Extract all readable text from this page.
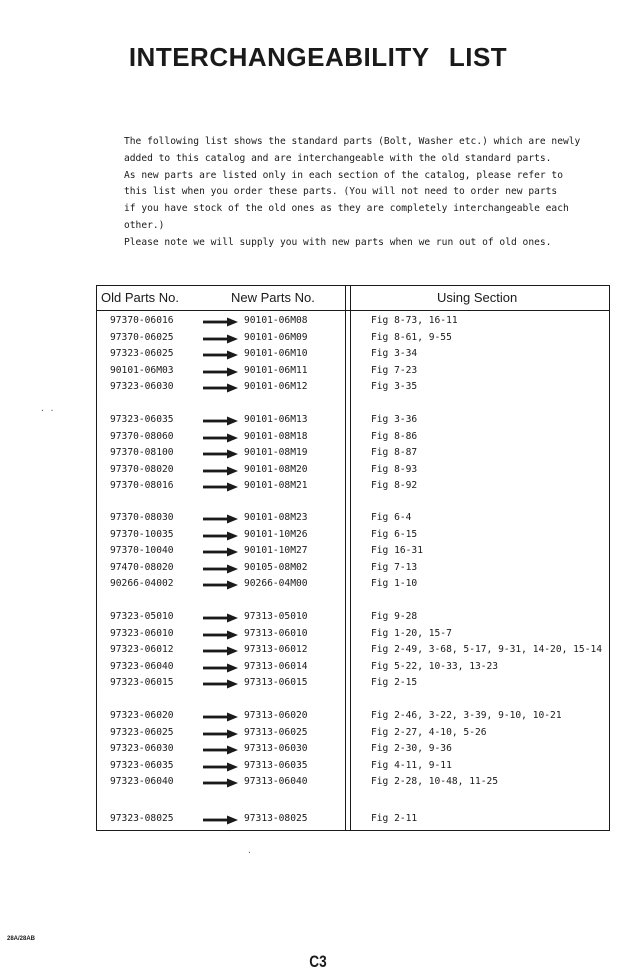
INTERCHANGEABILITY LIST
The following list shows the standard parts (Bolt, Washer etc.) which are newly
added to this catalog and are interchangeable with the old standard parts.
As new parts are listed only in each section of the catalog, please refer to
this list when you order these parts. (You will not need to order new parts
if you have stock of the old ones as they are completely interchangeable each
other.)
Please note we will supply you with new parts when we run out of old ones.
Old Parts No.	New Parts No.	Using Section
97370-06016	90101-06M08	Fig 8-73, 16-11
97370-06025	90101-06M09	Fig 8-61, 9-55
97323-06025	90101-06M10	Fig 3-34
90101-06M03	90101-06M11	Fig 7-23
97323-06030	90101-06M12	Fig 3-35
97323-06035	90101-06M13	Fig 3-36
97370-08060	90101-08M18	Fig 8-86
97370-08100	90101-08M19	Fig 8-87
97370-08020	90101-08M20	Fig 8-93
97370-08016	90101-08M21	Fig 8-92
97370-08030	90101-08M23	Fig 6-4
97370-10035	90101-10M26	Fig 6-15
97370-10040	90101-10M27	Fig 16-31
97470-08020	90105-08M02	Fig 7-13
90266-04002	90266-04M00	Fig 1-10
97323-05010	97313-05010	Fig 9-28
97323-06010	97313-06010	Fig 1-20, 15-7
97323-06012	97313-06012	Fig 2-49, 3-68, 5-17, 9-31, 14-20, 15-14
97323-06040	97313-06014	Fig 5-22, 10-33, 13-23
97323-06015	97313-06015	Fig 2-15
97323-06020	97313-06020	Fig 2-46, 3-22, 3-39, 9-10, 10-21
97323-06025	97313-06025	Fig 2-27, 4-10, 5-26
97323-06030	97313-06030	Fig 2-30, 9-36
97323-06035	97313-06035	Fig 4-11, 9-11
97323-06040	97313-06040	Fig 2-28, 10-48, 11-25
97323-08025	97313-08025	Fig 2-11
· ·
·
28A/28AB
C3
